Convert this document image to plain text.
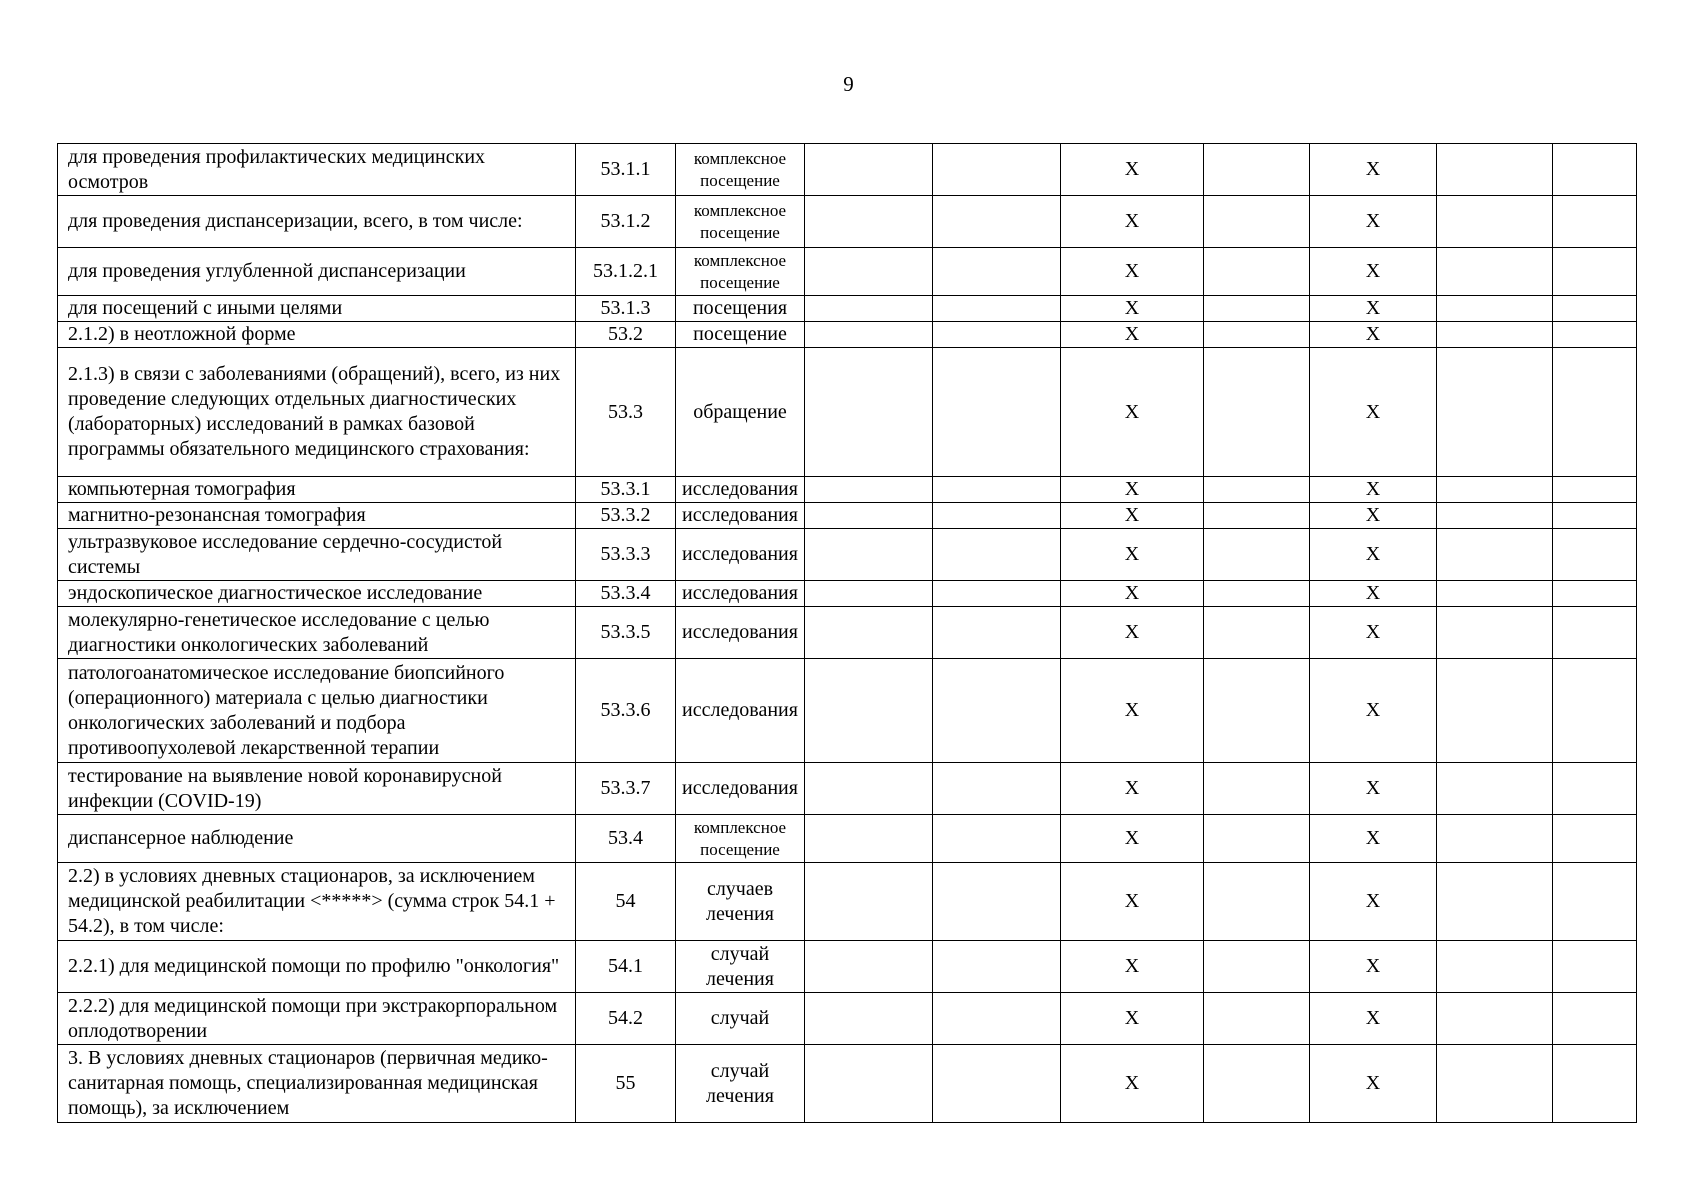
9
для проведения профилактических медицинских осмотров	53.1.1	комплексное посещение			X		X		
для проведения диспансеризации, всего, в том числе:	53.1.2	комплексное посещение			X		X		
для проведения углубленной диспансеризации	53.1.2.1	комплексное посещение			X		X		
для посещений с иными целями	53.1.3	посещения			X		X		
2.1.2) в неотложной форме	53.2	посещение			X		X		
2.1.3) в связи с заболеваниями (обращений), всего, из них проведение следующих отдельных диагностических (лабораторных) исследований в рамках базовой программы обязательного медицинского страхования:	53.3	обращение			X		X		
компьютерная томография	53.3.1	исследования			X		X		
магнитно-резонансная томография	53.3.2	исследования			X		X		
ультразвуковое исследование сердечно-сосудистой системы	53.3.3	исследования			X		X		
эндоскопическое диагностическое исследование	53.3.4	исследования			X		X		
молекулярно-генетическое исследование с целью диагностики онкологических заболеваний	53.3.5	исследования			X		X		
патологоанатомическое исследование биопсийного (операционного) материала с целью диагностики онкологических заболеваний и подбора противоопухолевой лекарственной терапии	53.3.6	исследования			X		X		
тестирование на выявление новой коронавирусной инфекции (COVID-19)	53.3.7	исследования			X		X		
диспансерное наблюдение	53.4	комплексное посещение			X		X		
2.2) в условиях дневных стационаров, за исключением медицинской реабилитации <*****> (сумма строк 54.1 + 54.2), в том числе:	54	случаев лечения			X		X		
2.2.1) для медицинской помощи по профилю "онкология"	54.1	случай лечения			X		X		
2.2.2) для медицинской помощи при экстракорпоральном оплодотворении	54.2	случай			X		X		
3. В условиях дневных стационаров (первичная медико-санитарная помощь, специализированная медицинская помощь), за исключением	55	случай лечения			X		X		
